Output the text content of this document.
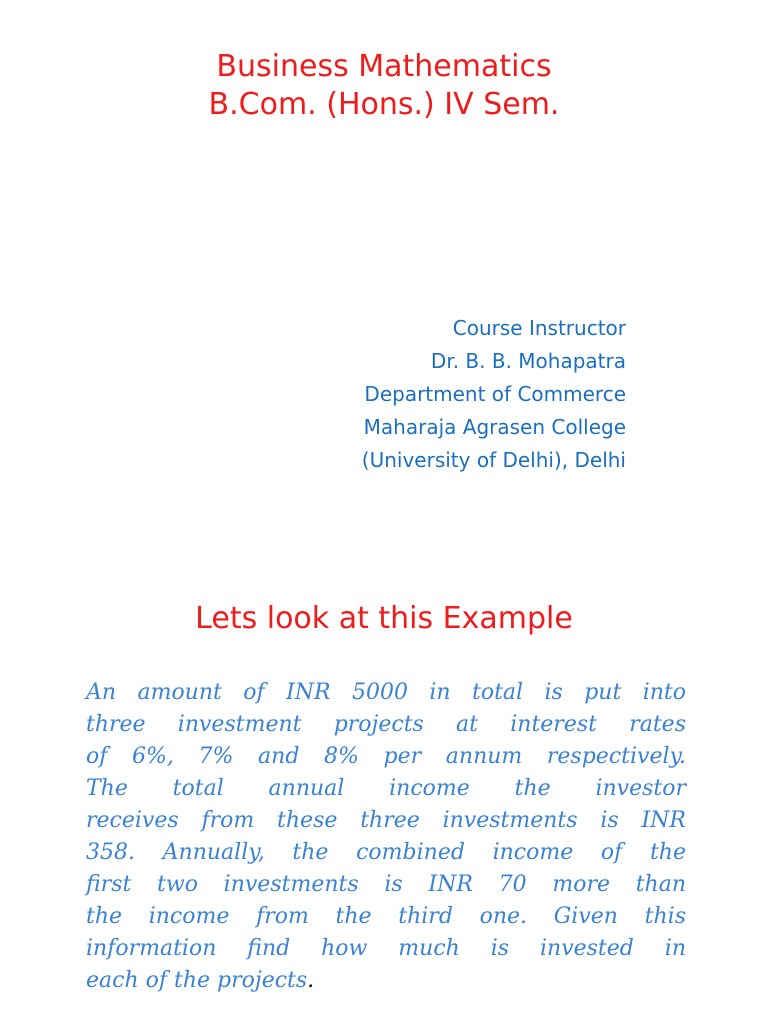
Business Mathematics
B.Com. (Hons.) IV Sem.
Course Instructor
Dr. B. B. Mohapatra
Department of Commerce
Maharaja Agrasen College
(University of Delhi), Delhi
Lets look at this Example
An amount of INR 5000 in total is put into
three investment projects at interest rates
of 6%, 7% and 8% per annum respectively.
The total annual income the investor
receives from these three investments is INR
358. Annually, the combined income of the
first two investments is INR 70 more than
the income from the third one. Given this
information find how much is invested in
each of the projects.
